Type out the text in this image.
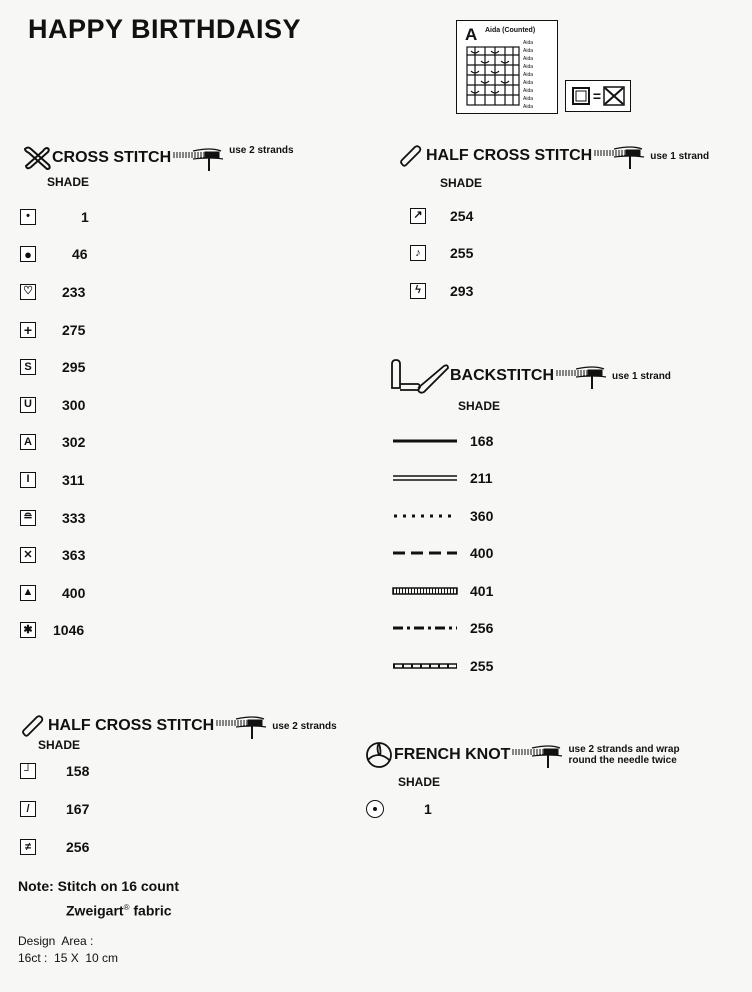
HAPPY BIRTHDAISY	A Aida (Counted)
Aida
Aida
Aida
Aida
Aida
Aida
Aida
Aida
Aida
=
CROSS STITCH	use 2 strands
SHADE
•	1
●	46
♡ 233
+ 275
S	295
U 300
A 302
I	311
≘ 333
✕ 363
▲ 400
✱ 1046
HALF CROSS STITCH	use 1 strand
SHADE
↗ 254
♪	255
ϟ	293
BACKSTITCH	use 1 strand
SHADE
168
211
360
400
401
256
255
HALF CROSS STITCH	use 2 strands
SHADE
┘ 158
/	167
≠	256
FRENCH KNOT	use 2 strands and wrap
round the needle twice
SHADE
1
Note: Stitch on 16 count
Zweigart® fabric
Design  Area :
16ct :  15 X  10 cm
